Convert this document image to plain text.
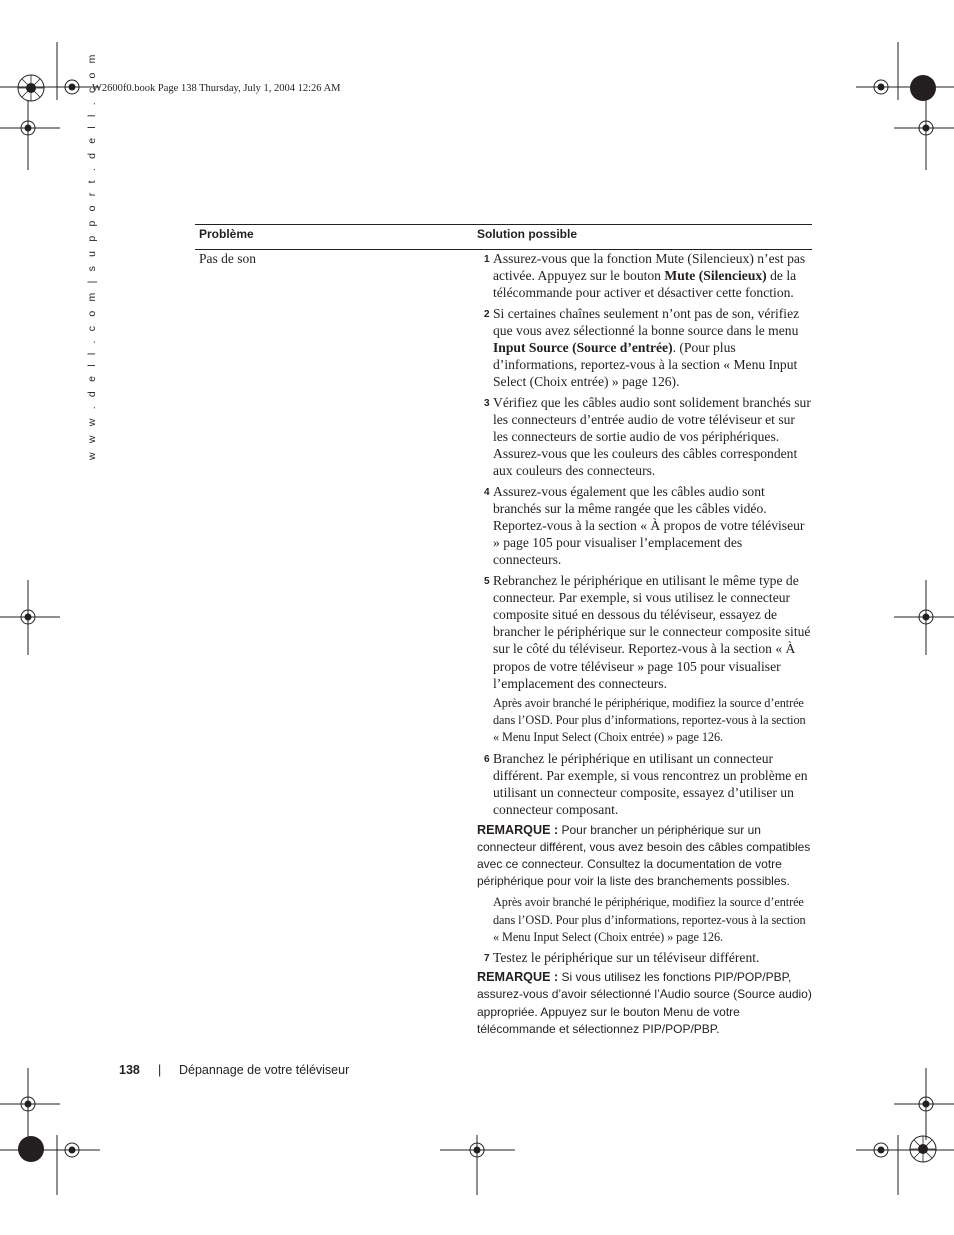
W2600f0.book Page 138 Thursday, July 1, 2004 12:26 AM
w w w . d e l l . c o m | s u p p o r t . d e l l . c o m	Problème	Solution possible
Pas de son	1 Assurez-vous que la fonction Mute (Silencieux) n’est pas activée. Appuyez sur le bouton Mute (Silencieux) de la télécommande pour activer et désactiver cette fonction.
2 Si certaines chaînes seulement n’ont pas de son, vérifiez que vous avez sélectionné la bonne source dans le menu Input Source (Source d’entrée). (Pour plus d’informations, reportez-vous à la section « Menu Input Select (Choix entrée) » page 126).
3 Vérifiez que les câbles audio sont solidement branchés sur les connecteurs d’entrée audio de votre téléviseur et sur les connecteurs de sortie audio de vos périphériques. Assurez-vous que les couleurs des câbles correspondent aux couleurs des connecteurs.
4 Assurez-vous également que les câbles audio sont branchés sur la même rangée que les câbles vidéo. Reportez-vous à la section « À propos de votre téléviseur » page 105 pour visualiser l’emplacement des connecteurs.
5 Rebranchez le périphérique en utilisant le même type de connecteur. Par exemple, si vous utilisez le connecteur composite situé en dessous du téléviseur, essayez de brancher le périphérique sur le connecteur composite situé sur le côté du téléviseur. Reportez-vous à la section « À propos de votre téléviseur » page 105 pour visualiser l’emplacement des connecteurs.
Après avoir branché le périphérique, modifiez la source d’entrée dans l’OSD. Pour plus d’informations, reportez-vous à la section « Menu Input Select (Choix entrée) » page 126.
6 Branchez le périphérique en utilisant un connecteur différent. Par exemple, si vous rencontrez un problème en utilisant un connecteur composite, essayez d’utiliser un connecteur composant.
REMARQUE : Pour brancher un périphérique sur un connecteur différent, vous avez besoin des câbles compatibles avec ce connecteur. Consultez la documentation de votre périphérique pour voir la liste des branchements possibles.
Après avoir branché le périphérique, modifiez la source d’entrée dans l’OSD. Pour plus d’informations, reportez-vous à la section « Menu Input Select (Choix entrée) » page 126.
7 Testez le périphérique sur un téléviseur différent.
REMARQUE : Si vous utilisez les fonctions PIP/POP/PBP, assurez-vous d’avoir sélectionné l’Audio source (Source audio) appropriée. Appuyez sur le bouton Menu de votre télécommande et sélectionnez PIP/POP/PBP.
138 | Dépannage de votre téléviseur
